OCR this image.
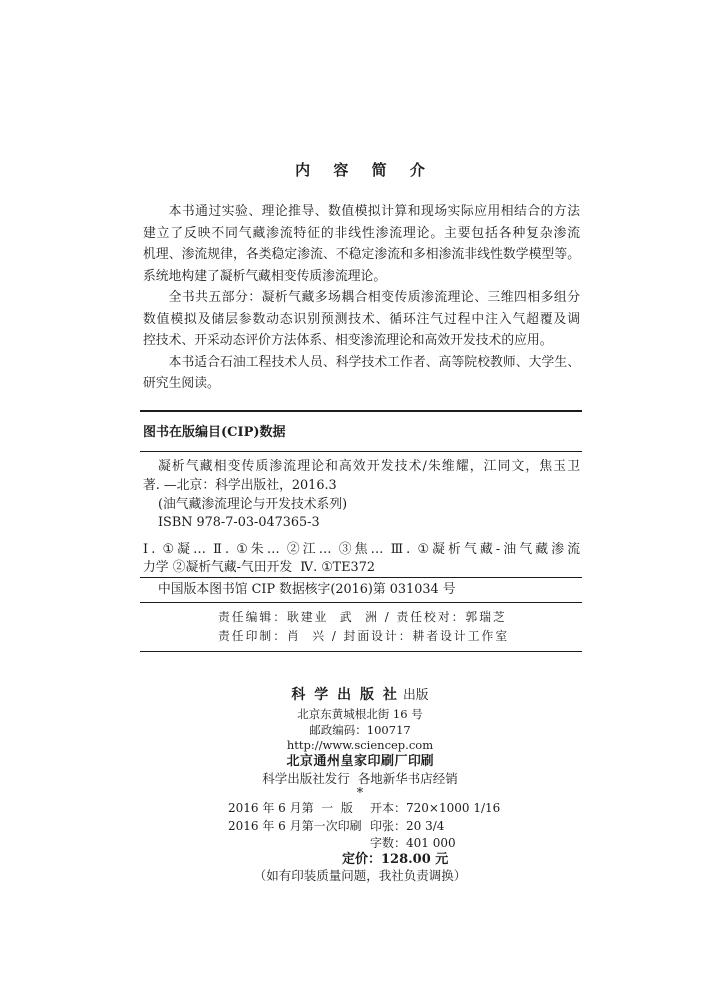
内 容 简 介
本书通过实验、理论推导、数值模拟计算和现场实际应用相结合的方法
建立了反映不同气藏渗流特征的非线性渗流理论。主要包括各种复杂渗流
机理、渗流规律，各类稳定渗流、不稳定渗流和多相渗流非线性数学模型等。
系统地构建了凝析气藏相变传质渗流理论。
全书共五部分：凝析气藏多场耦合相变传质渗流理论、三维四相多组分
数值模拟及储层参数动态识别预测技术、循环注气过程中注入气超覆及调
控技术、开采动态评价方法体系、相变渗流理论和高效开发技术的应用。
本书适合石油工程技术人员、科学技术工作者、高等院校教师、大学生、
研究生阅读。
图书在版编目(CIP)数据
凝析气藏相变传质渗流理论和高效开发技术/朱维耀，江同文，焦玉卫
著. —北京：科学出版社，2016.3
(油气藏渗流理论与开发技术系列)
ISBN 978-7-03-047365-3
Ⅰ. ①凝… Ⅱ. ①朱… ②江… ③焦… Ⅲ. ①凝析气藏-油气藏渗流
力学 ②凝析气藏-气田开发  Ⅳ. ①TE372
中国版本图书馆 CIP 数据核字(2016)第 031034 号
责任编辑：耿建业  武  洲 / 责任校对：郭瑞芝
责任印制：肖  兴 / 封面设计：耕者设计工作室
科 学 出 版 社 出版
北京东黄城根北街 16 号
邮政编码：100717
http://www.sciencep.com
北京通州皇家印刷厂印刷
科学出版社发行  各地新华书店经销
*
2016 年 6 月第  一  版 开本：720×1000 1/16
2016 年 6 月第一次印刷 印张：20 3/4
字数：401 000
定价：128.00 元
（如有印装质量问题，我社负责调换）
